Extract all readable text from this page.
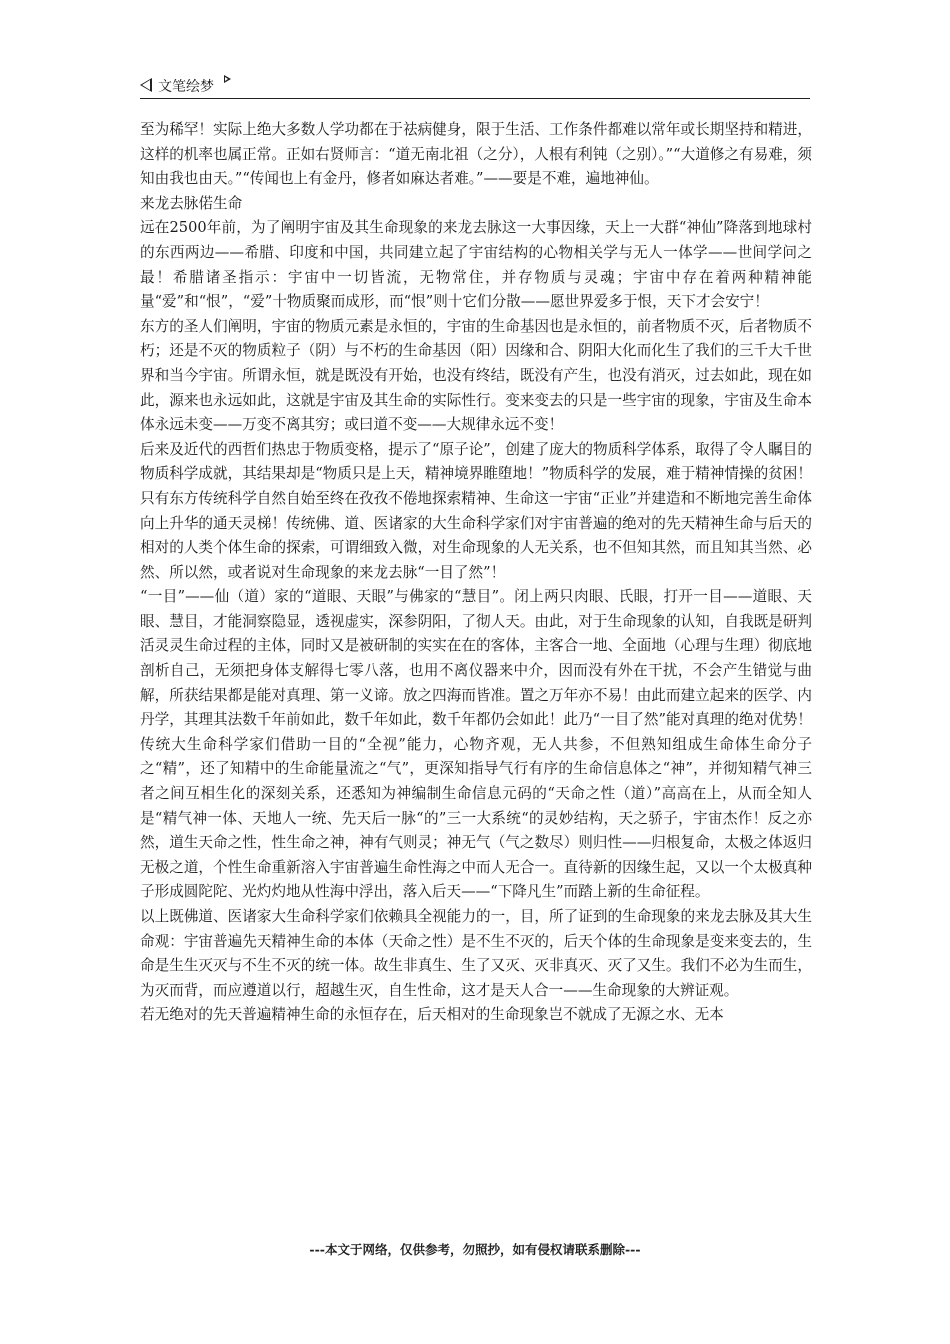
文笔绘梦

至为稀罕！实际上绝大多数人学功都在于祛病健身，限于生活、工作条件都难以常年或长期坚持和精进，这样的机率也属正常。正如右贤师言：“道无南北祖（之分），人根有利钝（之别）。”“大道修之有易难，须知由我也由天。”“传闻也上有金丹，修者如麻达者难。”——要是不难，遍地神仙。

来龙去脉偌生命

远在2500年前，为了阐明宇宙及其生命现象的来龙去脉这一大事因缘，天上一大群“神仙”降落到地球村的东西两边——希腊、印度和中国，共同建立起了宇宙结构的心物相关学与无人一体学——世间学问之最！希腊诸圣指示：宇宙中一切皆流，无物常住，并存物质与灵魂；宇宙中存在着两种精神能量“爱”和“恨”，“爱”十物质聚而成形，而“恨”则十它们分散——愿世界爱多于恨，天下才会安宁！

东方的圣人们阐明，宇宙的物质元素是永恒的，宇宙的生命基因也是永恒的，前者物质不灭，后者物质不朽；还是不灭的物质粒子（阴）与不朽的生命基因（阳）因缘和合、阴阳大化而化生了我们的三千大千世界和当今宇宙。所谓永恒，就是既没有开始，也没有终结，既没有产生，也没有消灭，过去如此，现在如此，源来也永远如此，这就是宇宙及其生命的实际性行。变来变去的只是一些宇宙的现象，宇宙及生命本体永远未变——万变不离其穷；或曰道不变——大规律永远不变！

后来及近代的西哲们热忠于物质变格，提示了“原子论”，创建了庞大的物质科学体系，取得了令人瞩目的物质科学成就，其结果却是“物质只是上天，精神境界睢堕地！”物质科学的发展，难于精神情操的贫困！只有东方传统科学自然自始至终在孜孜不倦地探索精神、生命这一宇宙“正业”并建造和不断地完善生命体向上升华的通天灵梯！传统佛、道、医诸家的大生命科学家们对宇宙普遍的绝对的先天精神生命与后天的相对的人类个体生命的探索，可谓细致入微，对生命现象的人无关系，也不但知其然，而且知其当然、必然、所以然，或者说对生命现象的来龙去脉“一目了然”！

“一目”——仙（道）家的“道眼、天眼”与佛家的“慧目”。闭上两只肉眼、氏眼，打开一目——道眼、天眼、慧目，才能洞察隐显，透视虚实，深参阴阳，了彻人天。由此，对于生命现象的认知，自我既是研判活灵灵生命过程的主体，同时又是被研制的实实在在的客体，主客合一地、全面地（心理与生理）彻底地剖析自己，无须把身体支解得七零八落，也用不离仪器来中介，因而没有外在干扰，不会产生错觉与曲解，所获结果都是能对真理、第一义谛。放之四海而皆准。置之万年亦不易！由此而建立起来的医学、内丹学，其理其法数千年前如此，数千年如此，数千年都仍会如此！此乃“一目了然”能对真理的绝对优势！传统大生命科学家们借助一目的“全视”能力，心物齐观，无人共参，不但熟知组成生命体生命分子之“精”，还了知精中的生命能量流之“气”，更深知指导气行有序的生命信息体之“神”，并彻知精气神三者之间互相生化的深刻关系，还悉知为神编制生命信息元码的“天命之性（道）”高高在上，从而全知人是“精气神一体、天地人一统、先天后一脉“的”三一大系统“的灵妙结构，天之骄子，宇宙杰作！反之亦然，道生天命之性，性生命之神，神有气则灵；神无气（气之数尽）则归性——归根复命，太极之体返归无极之道，个性生命重新溶入宇宙普遍生命性海之中而人无合一。直待新的因缘生起，又以一个太极真种子形成圆陀陀、光灼灼地从性海中浮出，落入后天——“下降凡生”而踏上新的生命征程。

以上既佛道、医诸家大生命科学家们依赖具全视能力的一，目，所了证到的生命现象的来龙去脉及其大生命观：宇宙普遍先天精神生命的本体（天命之性）是不生不灭的，后天个体的生命现象是变来变去的，生命是生生灭灭与不生不灭的统一体。故生非真生、生了又灭、灭非真灭、灭了又生。我们不必为生而生，为灭而背，而应遵道以行，超越生灭，自生性命，这才是天人合一——生命现象的大辨证观。

若无绝对的先天普遍精神生命的永恒存在，后天相对的生命现象岂不就成了无源之水、无本

---本文于网络，仅供参考，勿照抄，如有侵权请联系删除---
